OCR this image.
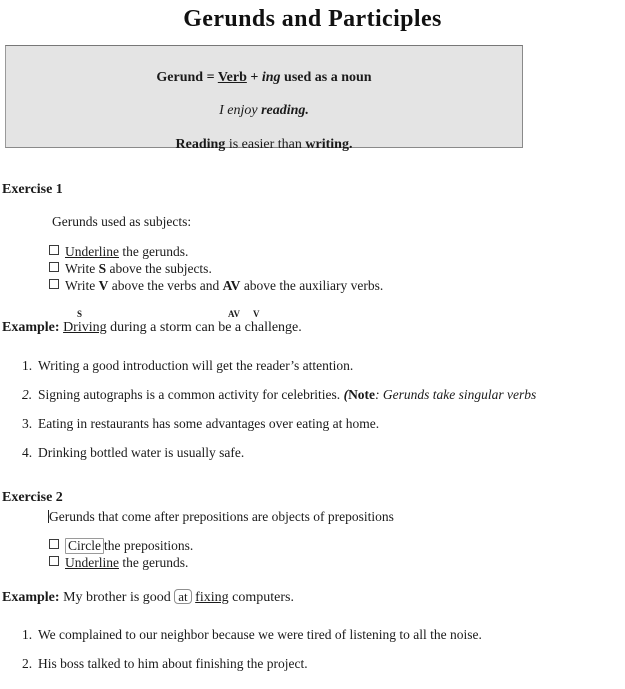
Gerunds and Participles
Gerund = Verb + ing used as a noun
I enjoy reading.
Reading is easier than writing.
Exercise 1
Gerunds used as subjects:
Underline the gerunds.
Write S above the subjects.
Write V above the verbs and AV above the auxiliary verbs.
S	AV V
Example: Driving during a storm can be a challenge.
1. Writing a good introduction will get the reader’s attention.
2. Signing autographs is a common activity for celebrities. (Note: Gerunds take singular verbs
3. Eating in restaurants has some advantages over eating at home.
4. Drinking bottled water is usually safe.
Exercise 2
Gerunds that come after prepositions are objects of prepositions
Circlethe prepositions.
Underline the gerunds.
Example: My brother is good at fixing computers.
1. We complained to our neighbor because we were tired of listening to all the noise.
2. His boss talked to him about finishing the project.
